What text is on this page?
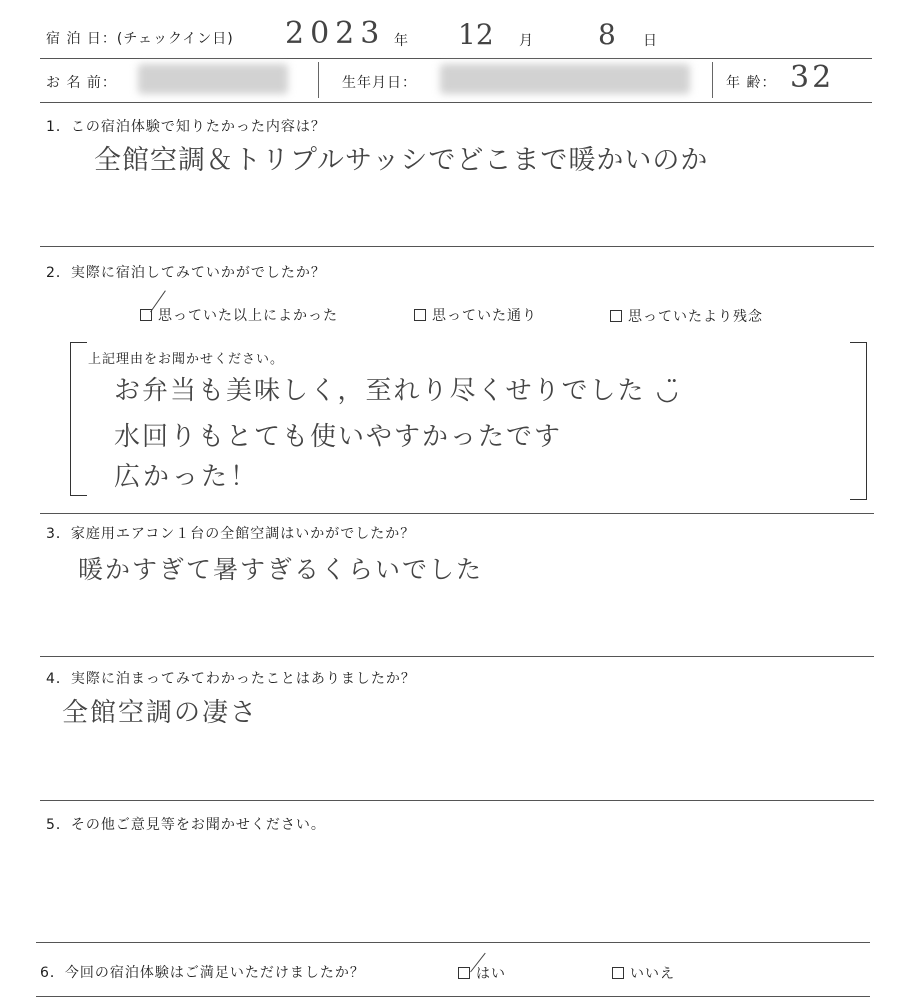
宿 泊 日：(チェックイン日) 2023 年 12 月 8 日
お 名 前：	生年月日：	年 齢： 32
1．この宿泊体験で知りたかった内容は？
全館空調＆トリプルサッシでどこまで暖かいのか
2．実際に宿泊してみていかがでしたか？
思っていた以上によかった	思っていた通り	思っていたより残念
上記理由をお聞かせください。
お弁当も美味しく，至れり尽くせりでした ◡̈
水回りもとても使いやすかったです
広かった！
3．家庭用エアコン１台の全館空調はいかがでしたか？
暖かすぎて暑すぎるくらいでした
4．実際に泊まってみてわかったことはありましたか？
全館空調の凄さ
5．その他ご意見等をお聞かせください。
6．今回の宿泊体験はご満足いただけましたか？	はい	いいえ
